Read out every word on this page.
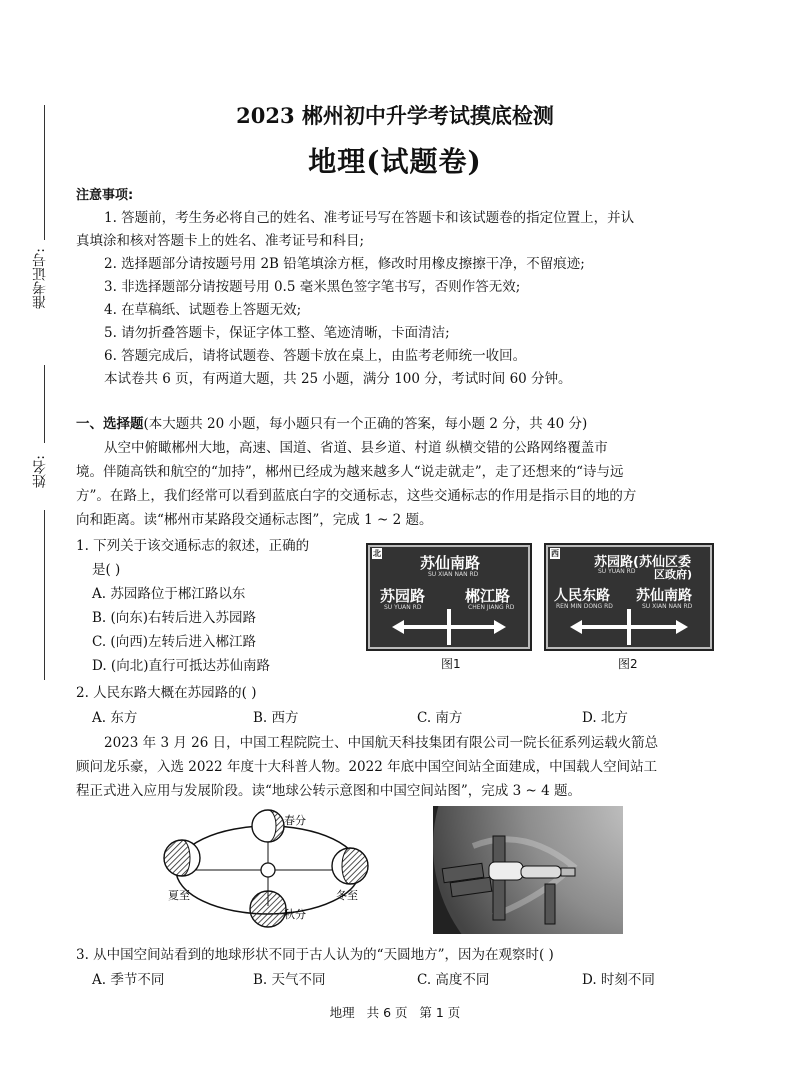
准考证号:
姓名:
2023 郴州初中升学考试摸底检测
地理(试题卷)
注意事项:
1. 答题前，考生务必将自己的姓名、准考证号写在答题卡和该试题卷的指定位置上，并认
真填涂和核对答题卡上的姓名、准考证号和科目;
2. 选择题部分请按题号用 2B 铅笔填涂方框，修改时用橡皮擦擦干净，不留痕迹;
3. 非选择题部分请按题号用 0.5 毫米黑色签字笔书写，否则作答无效;
4. 在草稿纸、试题卷上答题无效;
5. 请勿折叠答题卡，保证字体工整、笔迹清晰，卡面清洁;
6. 答题完成后，请将试题卷、答题卡放在桌上，由监考老师统一收回。
本试卷共 6 页，有两道大题，共 25 小题，满分 100 分，考试时间 60 分钟。
一、选择题(本大题共 20 小题，每小题只有一个正确的答案，每小题 2 分，共 40 分)
从空中俯瞰郴州大地，高速、国道、省道、县乡道、村道 纵横交错的公路网络覆盖市
境。伴随高铁和航空的“加持”，郴州已经成为越来越多人“说走就走”，走了还想来的“诗与远
方”。在路上，我们经常可以看到蓝底白字的交通标志，这些交通标志的作用是指示目的地的方
向和距离。读“郴州市某路段交通标志图”，完成 1 ~ 2 题。
1. 下列关于该交通标志的叙述，正确的
是( )
A. 苏园路位于郴江路以东
B. (向东)右转后进入苏园路
C. (向西)左转后进入郴江路
D. (向北)直行可抵达苏仙南路
北
苏仙南路
SU XIAN NAN RD
苏园路
SU YUAN RD
郴江路
CHEN JIANG RD
图1
西
苏园路(苏仙区委
SU YUAN RD 区政府)
人民东路
REN MIN DONG RD
苏仙南路
SU XIAN NAN RD
图2
2. 人民东路大概在苏园路的( )
A. 东方	B. 西方	C. 南方	D. 北方
2023 年 3 月 26 日，中国工程院院士、中国航天科技集团有限公司一院长征系列运载火箭总
顾问龙乐豪，入选 2022 年度十大科普人物。2022 年底中国空间站全面建成，中国载人空间站工
程正式进入应用与发展阶段。读“地球公转示意图和中国空间站图”，完成 3 ~ 4 题。
春分
夏至	冬至
秋分
3. 从中国空间站看到的地球形状不同于古人认为的“天圆地方”，因为在观察时( )
A. 季节不同	B. 天气不同	C. 高度不同	D. 时刻不同
地理   共 6 页   第 1 页
